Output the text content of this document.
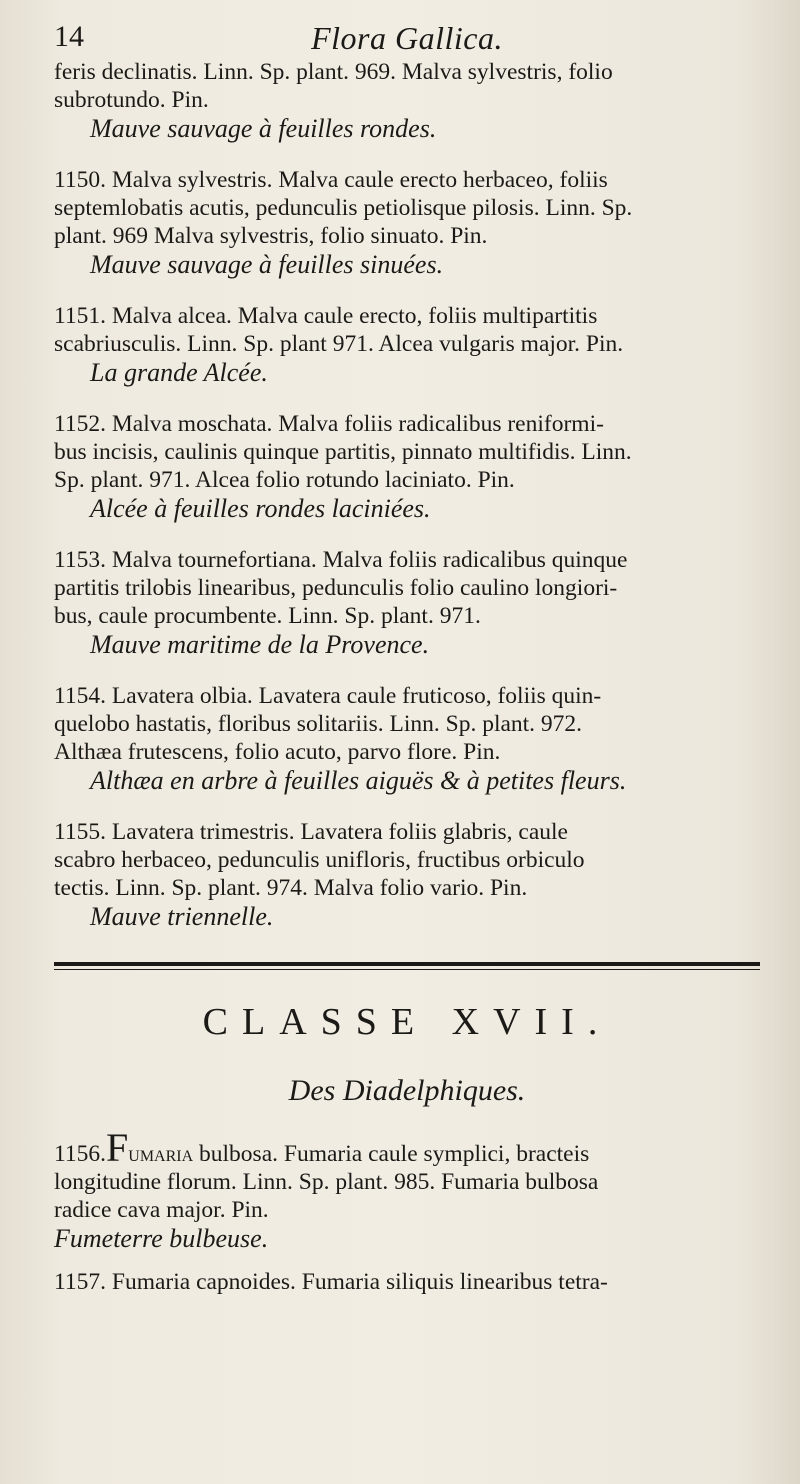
14	Flora Gallica.
feris declinatis. Linn. Sp. plant. 969. Malva sylvestris, folio
subrotundo. Pin.
Mauve sauvage à feuilles rondes.
1150. Malva sylvestris. Malva caule erecto herbaceo, foliis
septemlobatis acutis, pedunculis petiolisque pilosis. Linn. Sp.
plant. 969 Malva sylvestris, folio sinuato. Pin.
Mauve sauvage à feuilles sinuées.
1151. Malva alcea. Malva caule erecto, foliis multipartitis
scabriusculis. Linn. Sp. plant 971. Alcea vulgaris major. Pin.
La grande Alcée.
1152. Malva moschata. Malva foliis radicalibus reniformi-
bus incisis, caulinis quinque partitis, pinnato multifidis. Linn.
Sp. plant. 971. Alcea folio rotundo laciniato. Pin.
Alcée à feuilles rondes laciniées.
1153. Malva tournefortiana. Malva foliis radicalibus quinque
partitis trilobis linearibus, pedunculis folio caulino longiori-
bus, caule procumbente. Linn. Sp. plant. 971.
Mauve maritime de la Provence.
1154. Lavatera olbia. Lavatera caule fruticoso, foliis quin-
quelobo hastatis, floribus solitariis. Linn. Sp. plant. 972.
Althæa frutescens, folio acuto, parvo flore. Pin.
Althæa en arbre à feuilles aiguës & à petites fleurs.
1155. Lavatera trimestris. Lavatera foliis glabris, caule
scabro herbaceo, pedunculis unifloris, fructibus orbiculo
tectis. Linn. Sp. plant. 974. Malva folio vario. Pin.
Mauve triennelle.
CLASSE XVII.
Des Diadelphiques.
1156.Fumaria bulbosa. Fumaria caule symplici, bracteis
longitudine florum. Linn. Sp. plant. 985. Fumaria bulbosa
radice cava major. Pin.
Fumeterre bulbeuse.
1157. Fumaria capnoides. Fumaria siliquis linearibus tetra-
